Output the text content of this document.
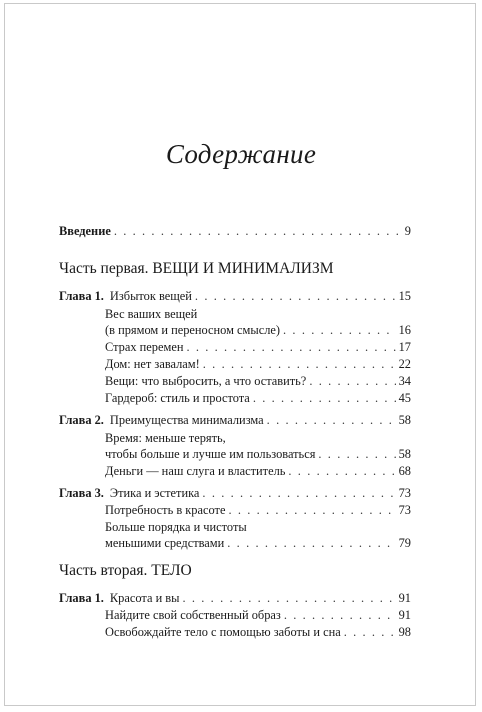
Содержание
Введение . . .	9
Часть первая. ВЕЩИ И МИНИМАЛИЗМ
Глава 1. Избыток вещей . . .	15
Вес ваших вещей
(в прямом и переносном смысле) . . .	16
Страх перемен . . .	17
Дом: нет завалам! . . .	22
Вещи: что выбросить, а что оставить? . . .	34
Гардероб: стиль и простота . . .	45
Глава 2. Преимущества минимализма . . .	58
Время: меньше терять,
чтобы больше и лучше им пользоваться . . .	58
Деньги — наш слуга и властитель . . .	68
Глава 3. Этика и эстетика . . .	73
Потребность в красоте . . .	73
Больше порядка и чистоты
меньшими средствами . . .	79
Часть вторая. ТЕЛО
Глава 1. Красота и вы . . .	91
Найдите свой собственный образ . . .	91
Освобождайте тело с помощью заботы и сна . . .	98
